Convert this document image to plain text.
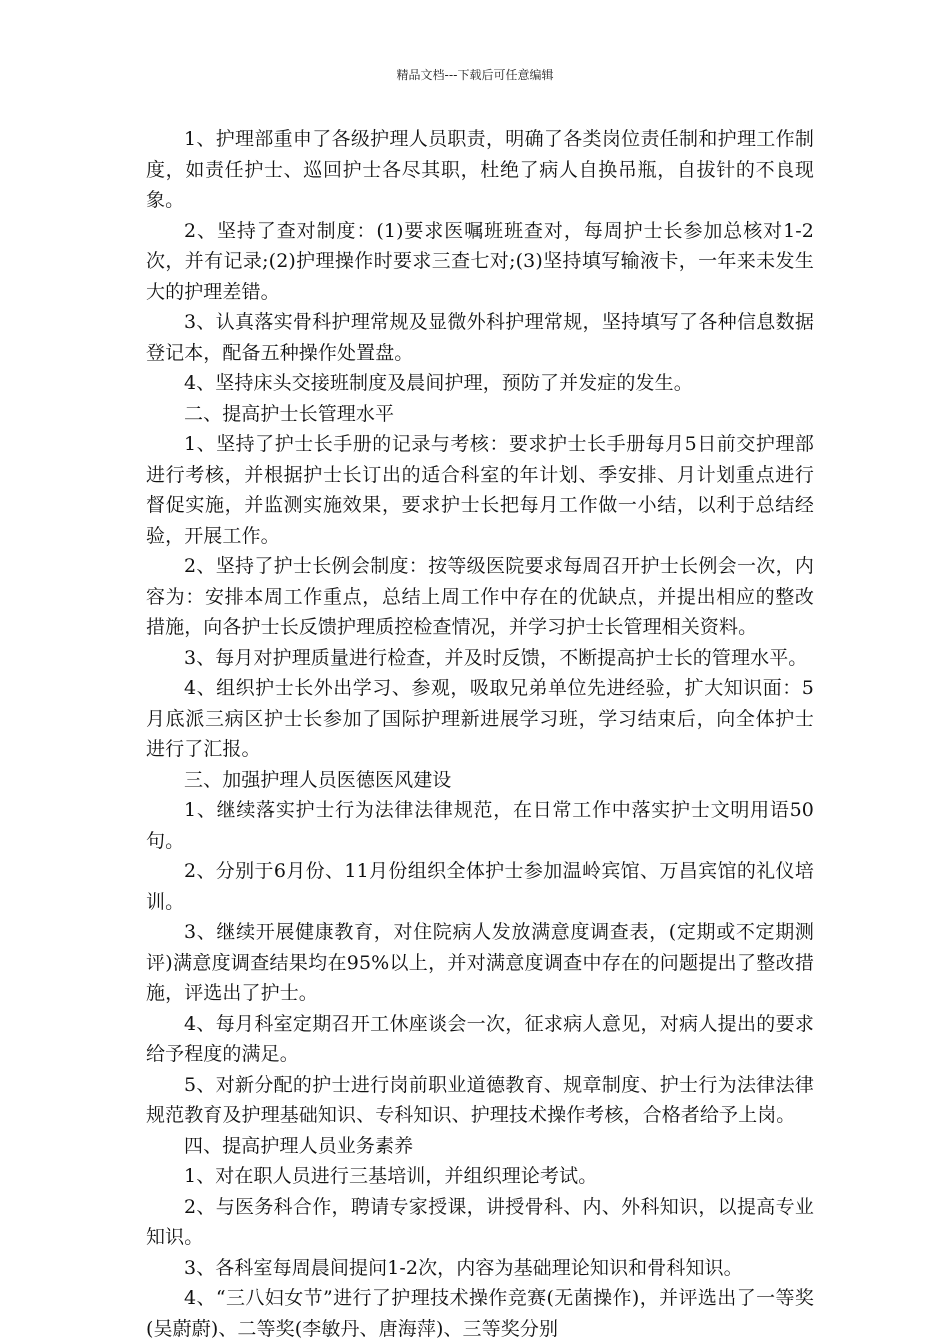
精品文档---下载后可任意编辑

1、护理部重申了各级护理人员职责，明确了各类岗位责任制和护理工作制度，如责任护士、巡回护士各尽其职，杜绝了病人自换吊瓶，自拔针的不良现象。

2、坚持了查对制度：(1)要求医嘱班班查对，每周护士长参加总核对1-2次，并有记录;(2)护理操作时要求三查七对;(3)坚持填写输液卡，一年来未发生大的护理差错。

3、认真落实骨科护理常规及显微外科护理常规，坚持填写了各种信息数据登记本，配备五种操作处置盘。

4、坚持床头交接班制度及晨间护理，预防了并发症的发生。

二、提高护士长管理水平

1、坚持了护士长手册的记录与考核：要求护士长手册每月5日前交护理部进行考核，并根据护士长订出的适合科室的年计划、季安排、月计划重点进行督促实施，并监测实施效果，要求护士长把每月工作做一小结，以利于总结经验，开展工作。

2、坚持了护士长例会制度：按等级医院要求每周召开护士长例会一次，内容为：安排本周工作重点，总结上周工作中存在的优缺点，并提出相应的整改措施，向各护士长反馈护理质控检查情况，并学习护士长管理相关资料。

3、每月对护理质量进行检查，并及时反馈，不断提高护士长的管理水平。

4、组织护士长外出学习、参观，吸取兄弟单位先进经验，扩大知识面：5月底派三病区护士长参加了国际护理新进展学习班，学习结束后，向全体护士进行了汇报。

三、加强护理人员医德医风建设

1、继续落实护士行为法律法律规范，在日常工作中落实护士文明用语50句。

2、分别于6月份、11月份组织全体护士参加温岭宾馆、万昌宾馆的礼仪培训。

3、继续开展健康教育，对住院病人发放满意度调查表，(定期或不定期测评)满意度调查结果均在95%以上，并对满意度调查中存在的问题提出了整改措施，评选出了护士。

4、每月科室定期召开工休座谈会一次，征求病人意见，对病人提出的要求给予程度的满足。

5、对新分配的护士进行岗前职业道德教育、规章制度、护士行为法律法律规范教育及护理基础知识、专科知识、护理技术操作考核，合格者给予上岗。

四、提高护理人员业务素养

1、对在职人员进行三基培训，并组织理论考试。

2、与医务科合作，聘请专家授课，讲授骨科、内、外科知识，以提高专业知识。

3、各科室每周晨间提问1-2次，内容为基础理论知识和骨科知识。

4、“三八妇女节”进行了护理技术操作竞赛(无菌操作)，并评选出了一等奖(吴蔚蔚)、二等奖(李敏丹、唐海萍)、三等奖分别
